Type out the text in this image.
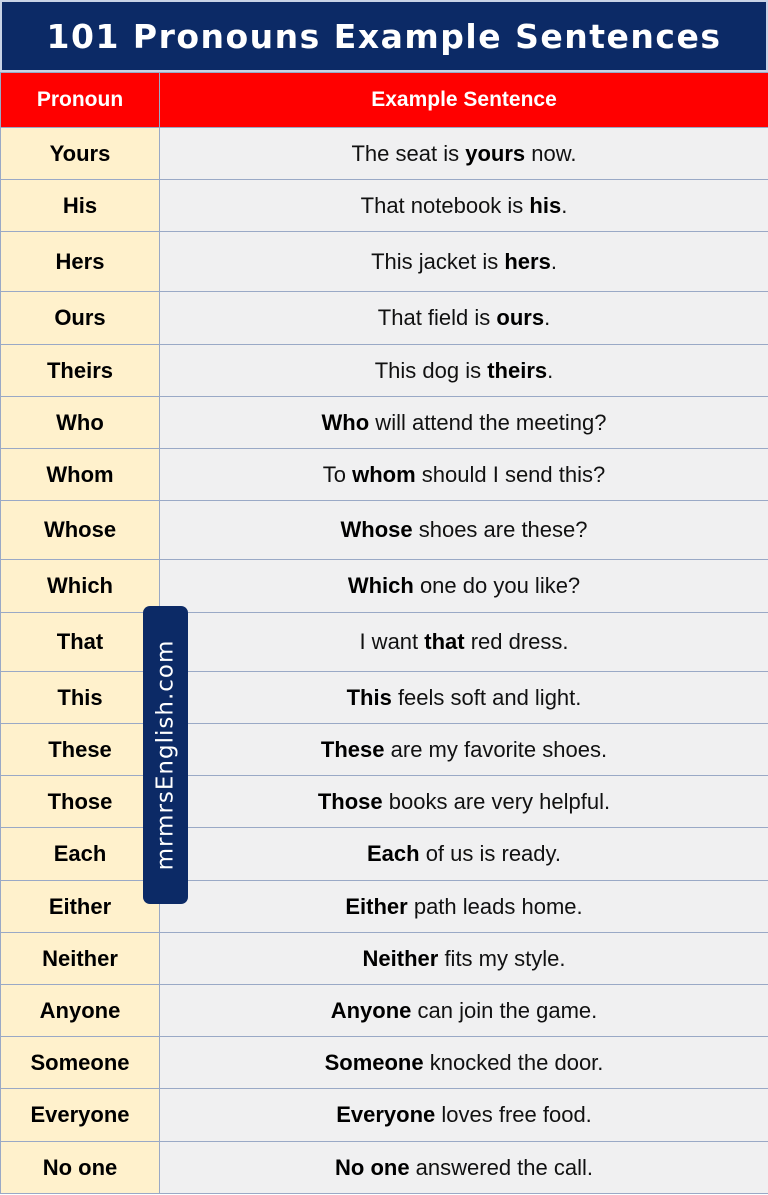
101 Pronouns Example Sentences
Pronoun	Example Sentence
Yours	The seat is yours now.
His	That notebook is his.
Hers	This jacket is hers.
Ours	That field is ours.
Theirs	This dog is theirs.
Who	Who will attend the meeting?
Whom	To whom should I send this?
Whose	Whose shoes are these?
Which	Which one do you like?
That	I want that red dress.
This	This feels soft and light.
These	These are my favorite shoes.
Those	Those books are very helpful.
Each	Each of us is ready.
Either	Either path leads home.
Neither	Neither fits my style.
Anyone	Anyone can join the game.
Someone	Someone knocked the door.
Everyone	Everyone loves free food.
No one	No one answered the call.
mrmrsEnglish.com
